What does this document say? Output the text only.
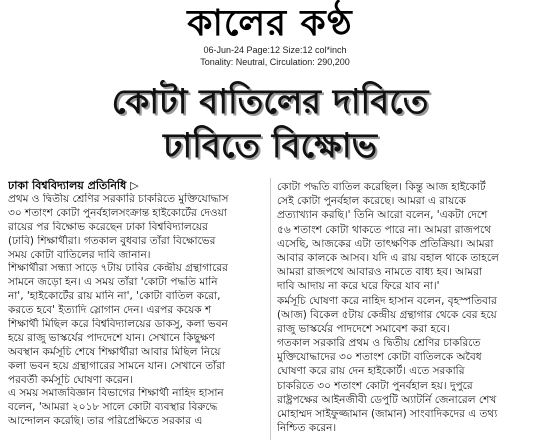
কালের কণ্ঠ
06-Jun-24 Page:12 Size:12 col*inch
Tonality: Neutral, Circulation: 290,200
কোটা বাতিলের দাবিতে
ঢাবিতে বিক্ষোভ
ঢাকা বিশ্ববিদ্যালয় প্রতিনিধি ▷
প্রথম ও দ্বিতীয় শ্রেণির সরকারি চাকরিতে মুক্তিযোদ্ধাস
৩০ শতাংশ কোটা পুনর্বহালসংক্রান্ত হাইকোর্টের দেওয়া
রায়ের পর বিক্ষোভ করেছেন ঢাকা বিশ্ববিদ্যালয়ের
(ঢাবি) শিক্ষার্থীরা। গতকাল বুধবার তাঁরা বিক্ষোভের
সময় কোটা বাতিলের দাবি জানান।
শিক্ষার্থীরা সন্ধ্যা সাড়ে ৭টায় ঢাবির কেন্দ্রীয় গ্রন্থাগারের
সামনে জড়ো হন। এ সময় তাঁরা 'কোটা পদ্ধতি মানি
না', 'হাইকোর্টের রায় মানি না', 'কোটা বাতিল করো,
করতে হবে' ইত্যাদি স্লোগান দেন। এরপর কয়েক শ
শিক্ষার্থী মিছিল করে বিশ্ববিদ্যালয়ের ডাকসু, কলা ভবন
হয়ে রাজু ভাস্কর্যের পাদদেশে যান। সেখানে কিছুক্ষণ
অবস্থান কর্মসূচি শেষে শিক্ষার্থীরা আবার মিছিল নিয়ে
কলা ভবন হয়ে গ্রন্থাগারের সামনে যান। সেখানে তাঁরা
পরবর্তী কর্মসূচি ঘোষণা করেন।
এ সময় সমাজবিজ্ঞান বিভাগের শিক্ষার্থী নাহিদ হাসান
বলেন, 'আমরা ২০১৮ সালে কোটা ব্যবস্থার বিরুদ্ধে
আন্দোলন করেছি। তার পরিপ্রেক্ষিতে সরকার এ
কোটা পদ্ধতি বাতিল করেছিল। কিন্তু আজ হাইকোর্ট
সেই কোটা পুনর্বহাল করেছে। আমরা এ রায়কে
প্রত্যাখ্যান করছি।' তিনি আরো বলেন, 'একটা দেশে
৫৬ শতাংশ কোটা থাকতে পারে না। আমরা রাজপথে
এসেছি, আজকের এটা তাৎক্ষণিক প্রতিক্রিয়া। আমরা
আবার কালকে আসব। যদি এ রায় বহাল থাকে তাহলে
আমরা রাজপথে আবারও নামতে বাধ্য হব। আমরা
দাবি আদায় না করে ঘরে ফিরে যাব না।'
কর্মসূচি ঘোষণা করে নাহিদ হাসান বলেন, বৃহস্পতিবার
(আজ) বিকেল ৫টায় কেন্দ্রীয় গ্রন্থাগার থেকে বের হয়ে
রাজু ভাস্কর্যের পাদদেশে সমাবেশ করা হবে।
গতকাল সরকারি প্রথম ও দ্বিতীয় শ্রেণির চাকরিতে
মুক্তিযোদ্ধাদের ৩০ শতাংশ কোটা বাতিলকে অবৈধ
ঘোষণা করে রায় দেন হাইকোর্ট। এতে সরকারি
চাকরিতে ৩০ শতাংশ কোটা পুনর্বহাল হয়। দুপুরে
রাষ্ট্রপক্ষের আইনজীবী ডেপুটি অ্যাটর্নি জেনারেল শেখ
মোহাম্মদ সাইফুজ্জামান (জামান) সাংবাদিকদের এ তথ্য
নিশ্চিত করেন।
